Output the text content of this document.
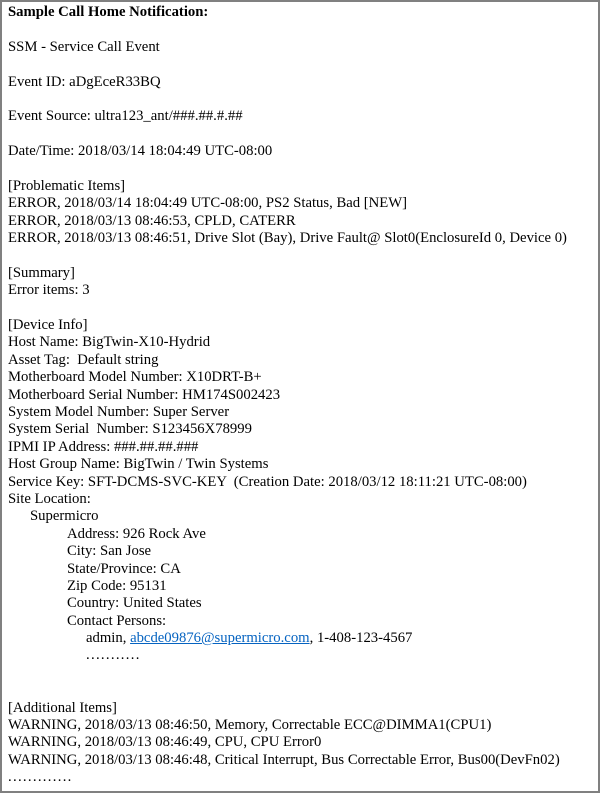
Sample Call Home Notification:
SSM - Service Call Event
Event ID: aDgEceR33BQ
Event Source: ultra123_ant/###.##.#.##
Date/Time: 2018/03/14 18:04:49 UTC-08:00
[Problematic Items]
ERROR, 2018/03/14 18:04:49 UTC-08:00, PS2 Status, Bad [NEW]
ERROR, 2018/03/13 08:46:53, CPLD, CATERR
ERROR, 2018/03/13 08:46:51, Drive Slot (Bay), Drive Fault@ Slot0(EnclosureId 0, Device 0)
[Summary]
Error items: 3
[Device Info]
Host Name: BigTwin-X10-Hydrid
Asset Tag:  Default string
Motherboard Model Number: X10DRT-B+
Motherboard Serial Number: HM174S002423
System Model Number: Super Server
System Serial  Number: S123456X78999
IPMI IP Address: ###.##.##.###
Host Group Name: BigTwin / Twin Systems
Service Key: SFT-DCMS-SVC-KEY  (Creation Date: 2018/03/12 18:11:21 UTC-08:00)
Site Location:
Supermicro
Address: 926 Rock Ave
City: San Jose
State/Province: CA
Zip Code: 95131
Country: United States
Contact Persons:
admin, abcde09876@supermicro.com, 1-408-123-4567
...........
[Additional Items]
WARNING, 2018/03/13 08:46:50, Memory, Correctable ECC@DIMMA1(CPU1)
WARNING, 2018/03/13 08:46:49, CPU, CPU Error0
WARNING, 2018/03/13 08:46:48, Critical Interrupt, Bus Correctable Error, Bus00(DevFn02)
.............
